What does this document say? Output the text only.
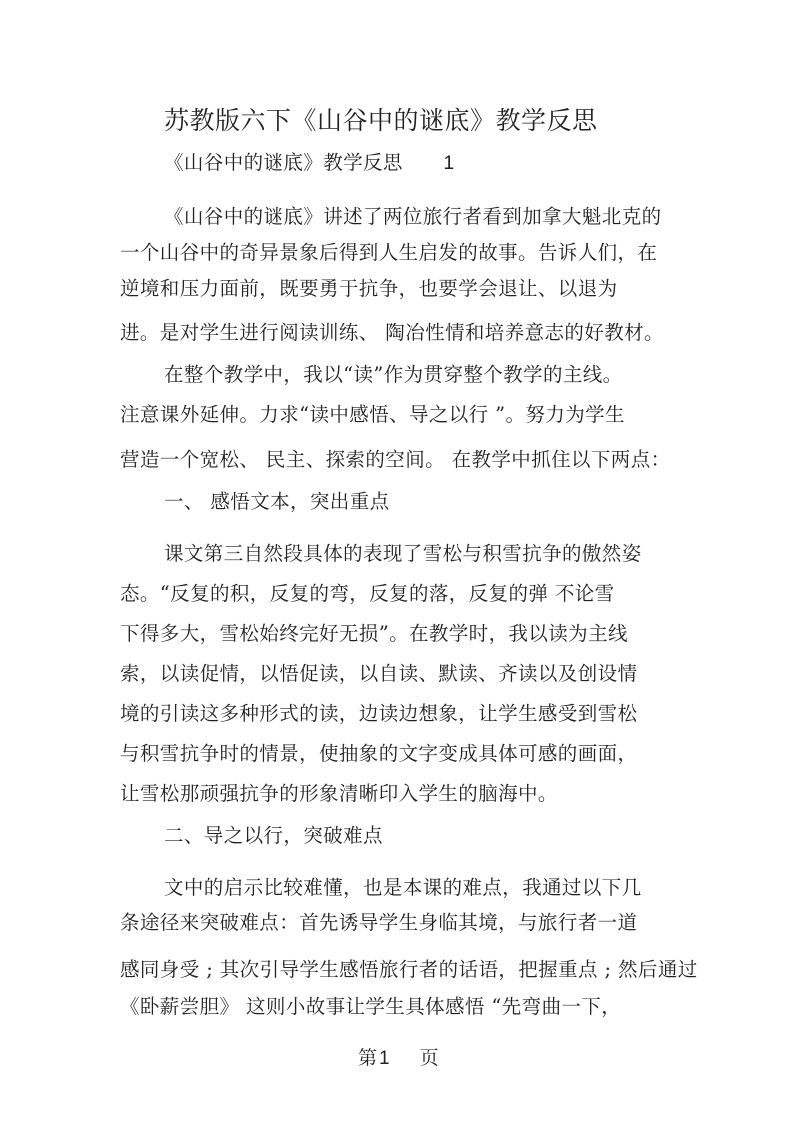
苏教版六下《山谷中的谜底》教学反思
《山谷中的谜底》教学反思 1
《山谷中的谜底》讲述了两位旅行者看到加拿大魁北克的
一个山谷中的奇异景象后得到人生启发的故事。告诉人们，在
逆境和压力面前，既要勇于抗争，也要学会退让、以退为
进。是对学生进行阅读训练、 陶冶性情和培养意志的好教材。
在整个教学中，我以“读”作为贯穿整个教学的主线。
注意课外延伸。力求“读中感悟、导之以行 ”。努力为学生
营造一个宽松、 民主、探索的空间。 在教学中抓住以下两点：
一、 感悟文本，突出重点
课文第三自然段具体的表现了雪松与积雪抗争的傲然姿
态。“反复的积，反复的弯，反复的落，反复的弹 不论雪
下得多大，雪松始终完好无损”。在教学时，我以读为主线
索，以读促情，以悟促读，以自读、默读、齐读以及创设情
境的引读这多种形式的读，边读边想象，让学生感受到雪松
与积雪抗争时的情景，使抽象的文字变成具体可感的画面，
让雪松那顽强抗争的形象清晰印入学生的脑海中。
二、导之以行，突破难点
文中的启示比较难懂，也是本课的难点，我通过以下几
条途径来突破难点：首先诱导学生身临其境，与旅行者一道
感同身受 ; 其次引导学生感悟旅行者的话语，把握重点 ; 然后通过
《卧薪尝胆》 这则小故事让学生具体感悟 “先弯曲一下，
第 1 页
